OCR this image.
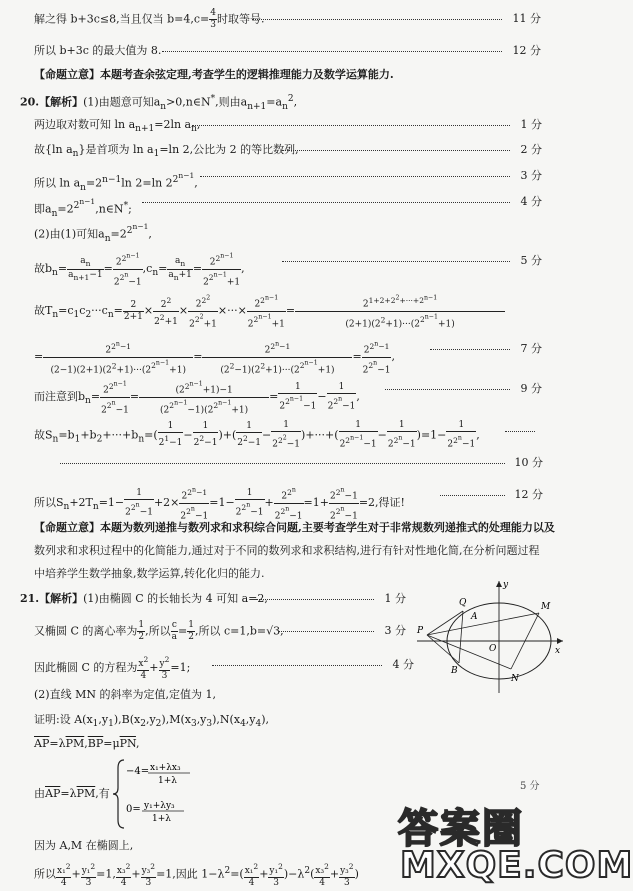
解之得 b+3c≤8,当且仅当 $b=4,c= \frac{4}{3}$ 时取等号.	11 分
所以 b+3c 的最大值为 8.	12 分
【命题立意】本题考查余弦定理,考查学生的逻辑推理能力及数学运算能力.
20.【解析】(1)由题意可知$a_n>0,n\in N^*$,则由$a_{n+1}=a_n^2$,
两边取对数可知 $\ln a_{n+1}=2\ln$ $a_n$,	1 分
故{ln $a_n$}是首项为 $\ln a_1=\ln$ 2,公比为 2 的等比数列,	2 分
所以 $\ln a_n=2^{n-1}\ln$ 2=ln $2^{2^{n-1}}$,
3 分
即$a_n=2^{2^{n-1}},n\in N^*$;
4 分
(2)由(1)可知$a_n=2^{2^{n-1}}$,
故$b_n= \frac{a_n}{a_{n+1}-1} = \frac{2^{2^{n-1}}}{2^{2^n}-1} ,c_n= \frac{a_n}{a_n+1} = \frac{2^{2^{n-1}}}{2^{2^{n-1}}+1}$ ,
5 分
故$T_n=c_1c_2\cdot\cdot\cdot c_n= \frac{2}{2+1} \times \frac{2^2}{2^2+1} \times \frac{2^{2^2}}{2^{2^2}+1}$ ×···× $\frac{2^{2^{n-1}}}{2^{2^{n-1}}+1} = \frac{2^{1+2+2^2+\cdot\cdot\cdot+2^{n-1}}}{(2+1)(2^2+1)\cdot\cdot\cdot(2^{2^{n-1}}+1)}$
= $\frac{2^{2^n-1}}{(2-1)(2+1)(2^2+1)\cdot\cdot\cdot(2^{2^{n-1}}+1)} = \frac{2^{2^n-1}}{(2^2-1)(2^2+1)\cdot\cdot\cdot(2^{2^{n-1}}+1)} = \frac{2^{2^n-1}}{2^{2^n}-1}$ ,
7 分
而注意到$b_n= \frac{2^{2^{n-1}}}{2^{2^n}-1} = \frac{(2^{2^{n-1}}+1)-1}{(2^{2^{n-1}}-1)(2^{2^{n-1}}+1)} = \frac{1}{2^{2^{n-1}}-1} - \frac{1}{2^{2^n}-1}$ ,
9 分
故$S_n=b_1+b_2+\cdot\cdot\cdot+b_n=( \frac{1}{2^1-1} - \frac{1}{2^2-1}$ )+( $\frac{1}{2^2-1} - \frac{1}{2^{2^2}-1}$ )+···+( $\frac{1}{2^{2^{n-1}}-1} - \frac{1}{2^{2^n}-1} )=1- \frac{1}{2^{2^n}-1}$ ,
10 分
所以$S_n+2T_n=1- \frac{1}{2^{2^n}-1} +2\times \frac{2^{2^n-1}}{2^{2^n}-1} =1- \frac{1}{2^{2^n}-1} + \frac{2^{2^n}}{2^{2^n}-1} =1+ \frac{2^{2^n}-1}{2^{2^n}-1} =2$,得证!
12 分
【命题立意】本题为数列递推与数列求和求积综合问题,主要考查学生对于非常规数列递推式的处理能力以及
数列求和求积过程中的化简能力,通过对于不同的数列求和求积结构,进行有针对性地化简,在分析问题过程
中培养学生数学抽象,数学运算,转化化归的能力.
21.【解析】(1)由椭圆 C 的长轴长为 4 可知 a=2,	1 分
又椭圆 C 的离心率为 $\frac{1}{2}$ ,所以 $\frac{c}{a} = \frac{1}{2}$ ,所以 c=1,b=√3,	3 分
因此椭圆 C 的方程为 $\frac{x^2}{4} + \frac{y^2}{3} =1$;	4 分
(2)直线 MN 的斜率为定值,定值为 1,
证明:设 $A(x_1,y_1),B(x_2,y_2),M(x_3,y_3),N(x_4,y_4)$,
$\overline{AP}=\lambda\overline{PM},\overline{BP}=\mu\overline{PN}$,
由$\overline{AP}=\lambda\overline{PM}$,有
−4= x₁+λx₃
1+λ
0= y₁+λy₃
1+λ
5 分
因为 A,M 在椭圆上,
所以 $\frac{x_1^2}{4} + \frac{y_1^2}{3} =1$, $\frac{x_3^2}{4} + \frac{y_3^2}{3} =1$,因此 $1-\lambda^2=( \frac{x_1^2}{4} + \frac{y_1^2}{3} )-\lambda^2( \frac{x_3^2}{4} + \frac{y_3^2}{3}$ )
P
Q
A
M
B
N
O	x
y
答案圈
MXQE.COM
